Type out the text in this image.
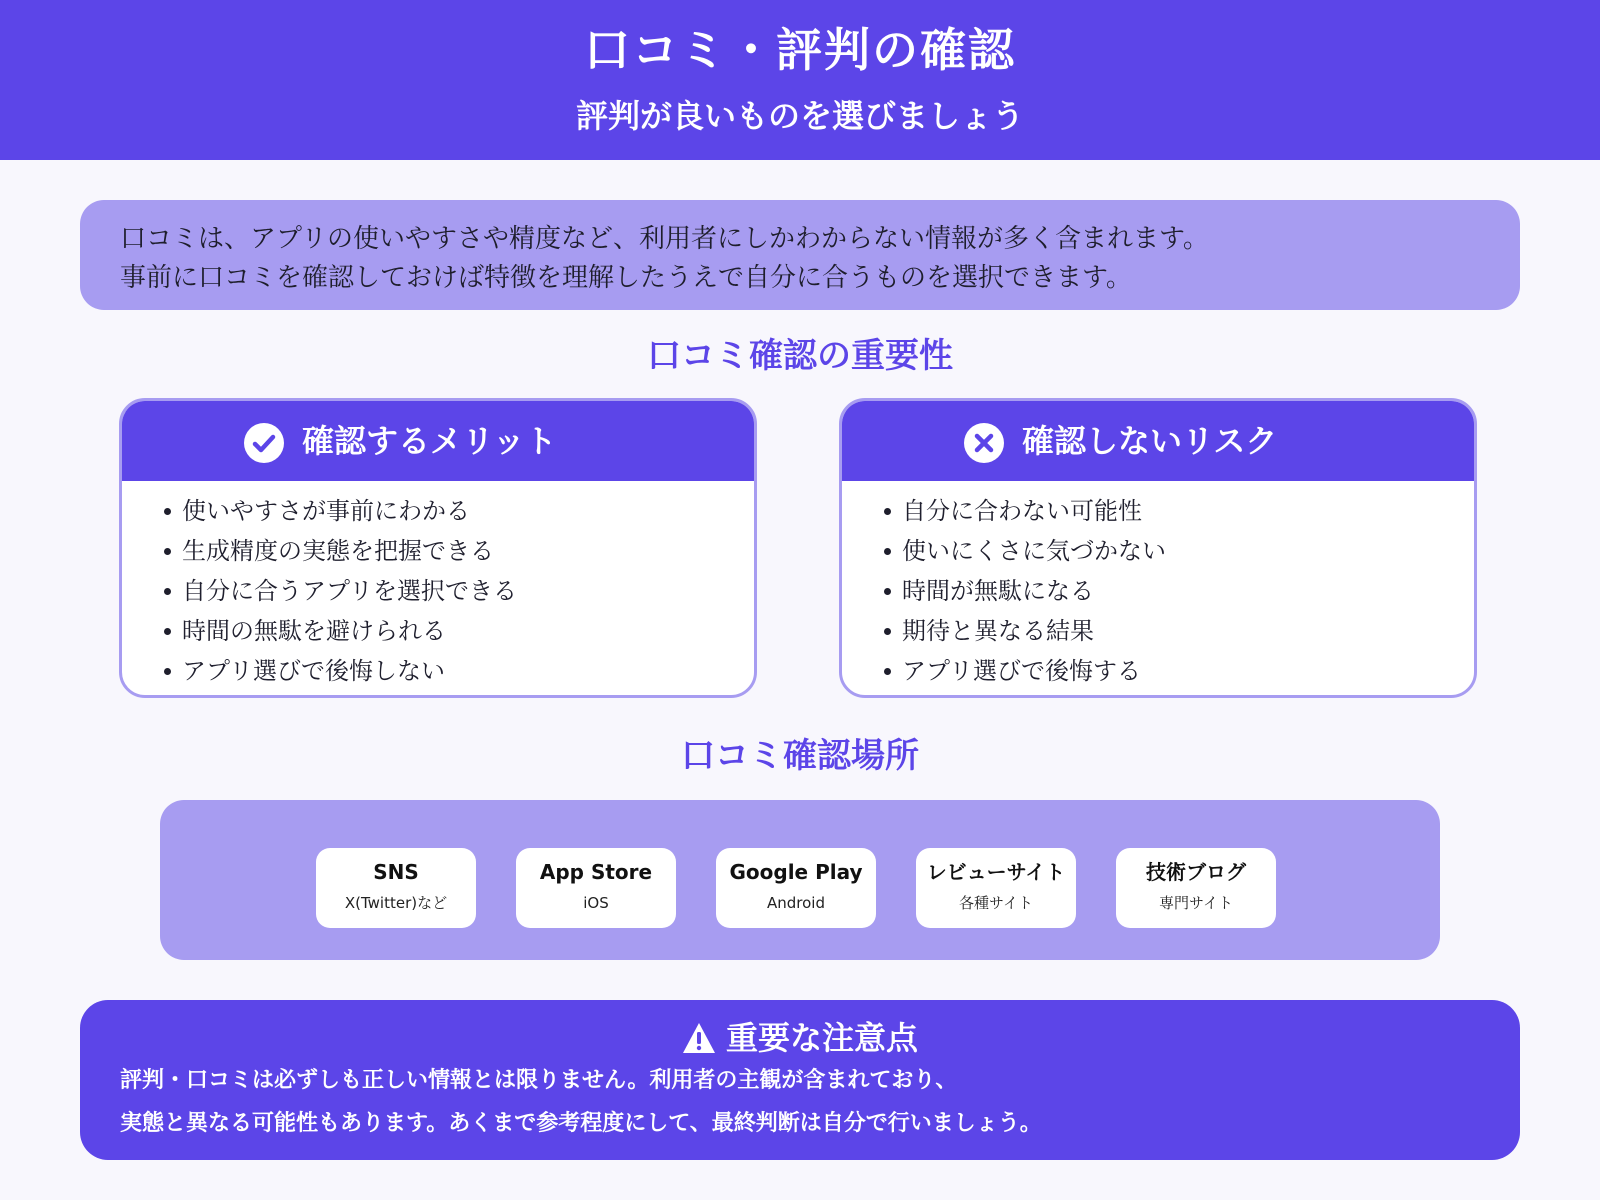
口コミ・評判の確認
評判が良いものを選びましょう
口コミは、アプリの使いやすさや精度など、利用者にしかわからない情報が多く含まれます。
事前に口コミを確認しておけば特徴を理解したうえで自分に合うものを選択できます。
口コミ確認の重要性
確認するメリット
使いやすさが事前にわかる
生成精度の実態を把握できる
自分に合うアプリを選択できる
時間の無駄を避けられる
アプリ選びで後悔しない
確認しないリスク
自分に合わない可能性
使いにくさに気づかない
時間が無駄になる
期待と異なる結果
アプリ選びで後悔する
口コミ確認場所
SNS
X(Twitter)など
App Store
iOS
Google Play
Android
レビューサイト
各種サイト
技術ブログ
専門サイト
重要な注意点
評判・口コミは必ずしも正しい情報とは限りません。利用者の主観が含まれており、
実態と異なる可能性もあります。あくまで参考程度にして、最終判断は自分で行いましょう。
